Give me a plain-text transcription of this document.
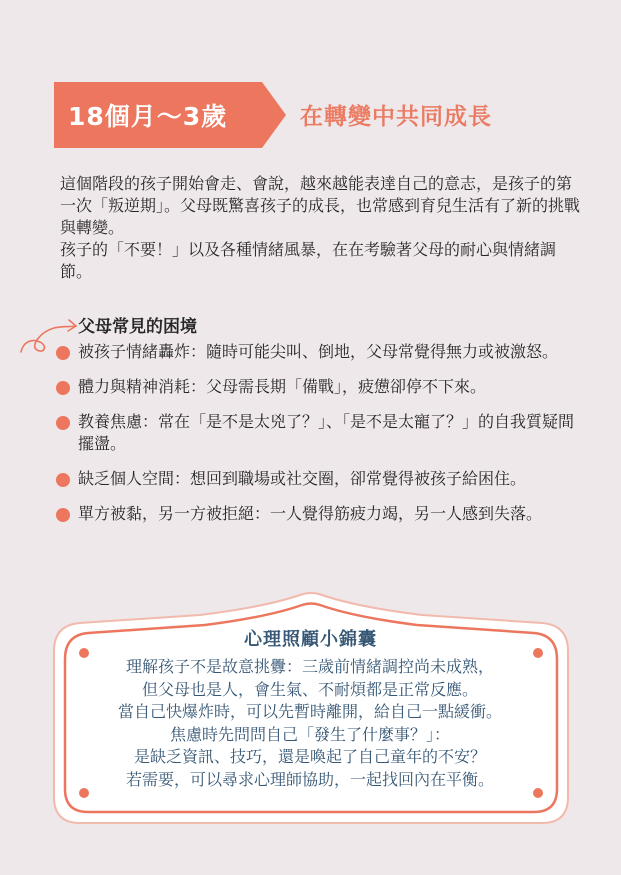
18個月～3歲	在轉變中共同成長

這個階段的孩子開始會走、會說，越來越能表達自己的意志，是孩子的第一次「叛逆期」。父母既驚喜孩子的成長，也常感到育兒生活有了新的挑戰與轉變。

孩子的「不要！」以及各種情緒風暴，在在考驗著父母的耐心與情緒調節。

父母常見的困境
被孩子情緒轟炸：隨時可能尖叫、倒地，父母常覺得無力或被激怒。
體力與精神消耗：父母需長期「備戰」，疲憊卻停不下來。
教養焦慮：常在「是不是太兇了？」、「是不是太寵了？」的自我質疑間擺盪。
缺乏個人空間：想回到職場或社交圈，卻常覺得被孩子給困住。
單方被黏，另一方被拒絕：一人覺得筋疲力竭，另一人感到失落。
心理照顧小錦囊
理解孩子不是故意挑釁：三歲前情緒調控尚未成熟，
但父母也是人，會生氣、不耐煩都是正常反應。
當自己快爆炸時，可以先暫時離開，給自己一點緩衝。
焦慮時先問問自己「發生了什麼事？」：
是缺乏資訊、技巧，還是喚起了自己童年的不安？
若需要，可以尋求心理師協助，一起找回內在平衡。
